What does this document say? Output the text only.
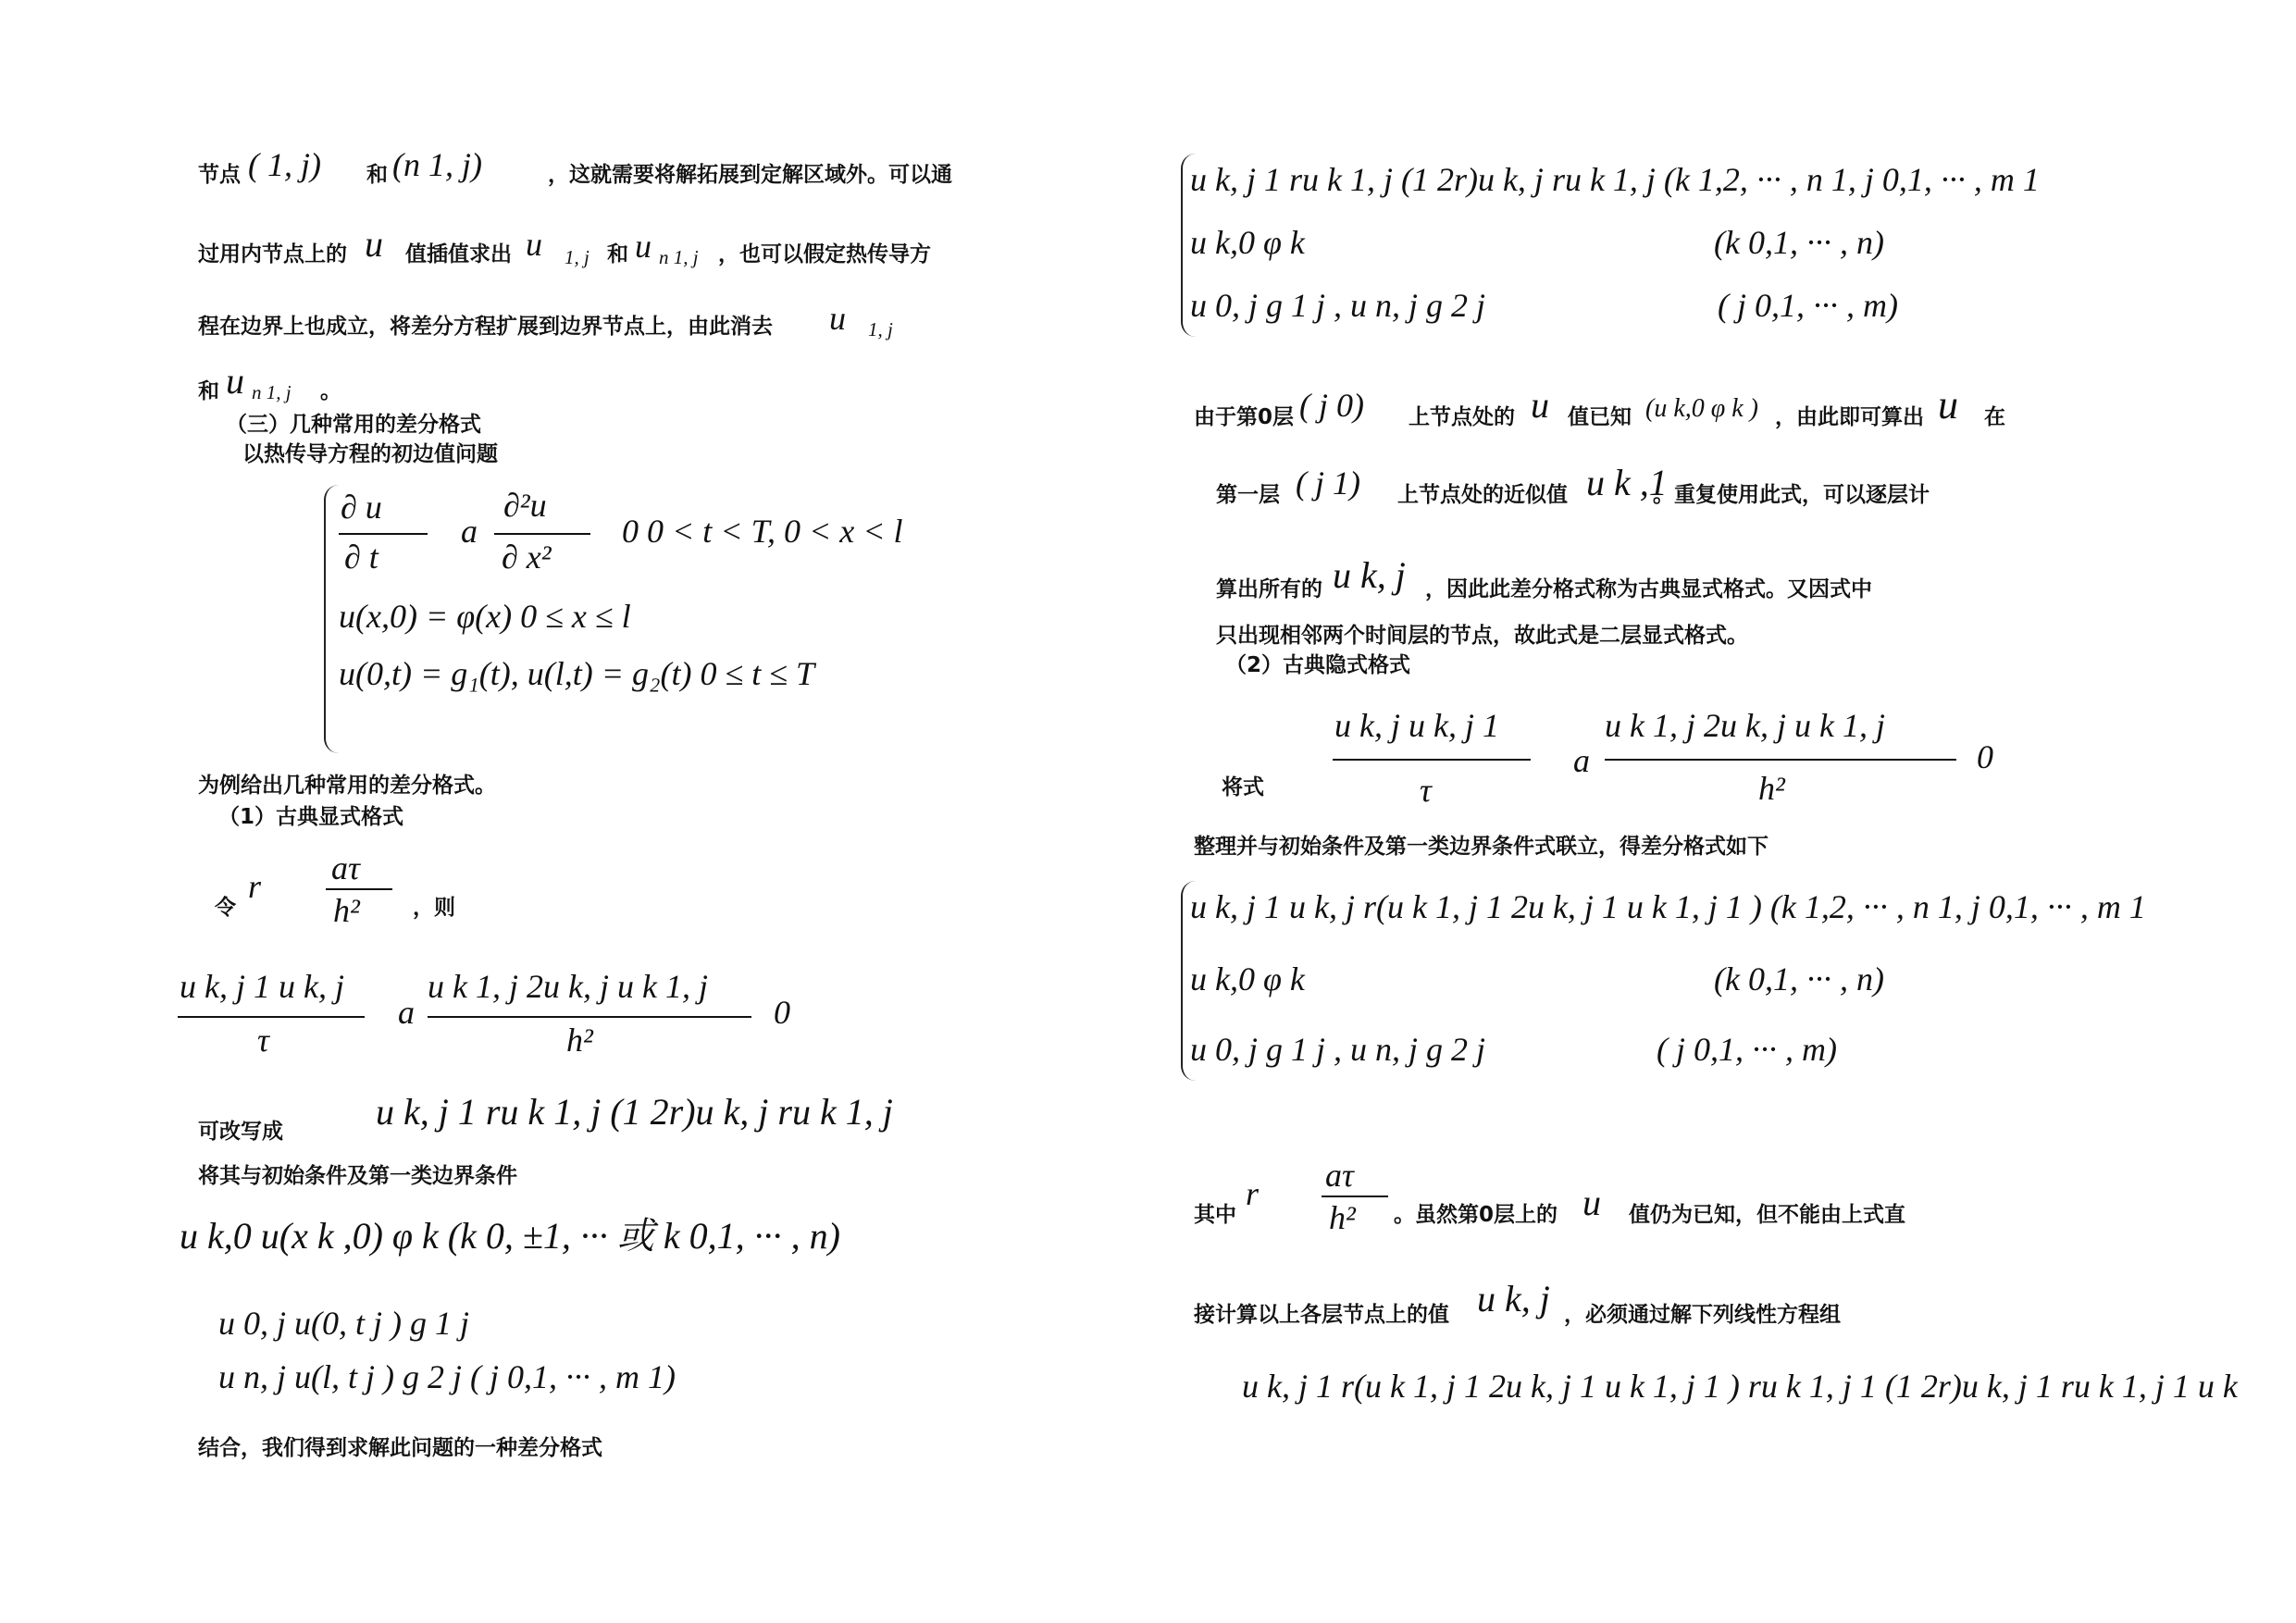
节点 ( 1, j) 和 (n 1, j)	，这就需要将解拓展到定解区域外。可以通
过用内节点上的 u 值插值求出 u 1, j 和 u n 1, j ，也可以假定热传导方
程在边界上也成立，将差分方程扩展到边界节点上，由此消去 u 1, j
和 u n 1, j 。
（三）几种常用的差分格式
以热传导方程的初边值问题
∂ u
∂ t
a
∂²u
∂ x²
0 0 < t < T, 0 < x < l
u(x,0) = φ(x) 0 ≤ x ≤ l
u(0,t) = g₁(t), u(l,t) = g₂(t) 0 ≤ t ≤ T
为例给出几种常用的差分格式。
（1）古典显式格式
令
r aτ
h² ，则
u k, j 1 u k, j
τ
a
u k 1, j 2u k, j u k 1, j
h²
0
可改写成	u k, j 1 ru k 1, j (1 2r)u k, j ru k 1, j
将其与初始条件及第一类边界条件
u k,0 u(x k ,0) φ k (k 0, ±1, ··· 或 k 0,1, ··· , n)
u 0, j u(0, t j ) g 1 j
u n, j u(l, t j ) g 2 j ( j 0,1, ··· , m 1)
结合，我们得到求解此问题的一种差分格式
u k, j 1 ru k 1, j (1 2r)u k, j ru k 1, j (k 1,2, ··· , n 1, j 0,1, ··· , m 1
u k,0 φ k	(k 0,1, ··· , n)
u 0, j g 1 j , u n, j g 2 j	( j 0,1, ··· , m)
由于第0层 ( j 0) 上节点处的 u 值已知 (u k,0 φ k ) ，由此即可算出 u 在
第一层 ( j 1) 上节点处的近似值 u k ,1
。重复使用此式，可以逐层计
算出所有的 u k, j ，因此此差分格式称为古典显式格式。又因式中
只出现相邻两个时间层的节点，故此式是二层显式格式。
（2）古典隐式格式
将式
u k, j u k, j 1
τ
a
u k 1, j 2u k, j u k 1, j
h²
0
整理并与初始条件及第一类边界条件式联立，得差分格式如下
u k, j 1 u k, j r(u k 1, j 1 2u k, j 1 u k 1, j 1 ) (k 1,2, ··· , n 1, j 0,1, ··· , m 1
u k,0 φ k	(k 0,1, ··· , n)
u 0, j g 1 j , u n, j g 2 j	( j 0,1, ··· , m)
其中
r aτ
h² 。虽然第0层上的 u 值仍为已知，但不能由上式直
接计算以上各层节点上的值 u k, j ，必须通过解下列线性方程组
u k, j 1 r(u k 1, j 1 2u k, j 1 u k 1, j 1 ) ru k 1, j 1 (1 2r)u k, j 1 ru k 1, j 1 u k
